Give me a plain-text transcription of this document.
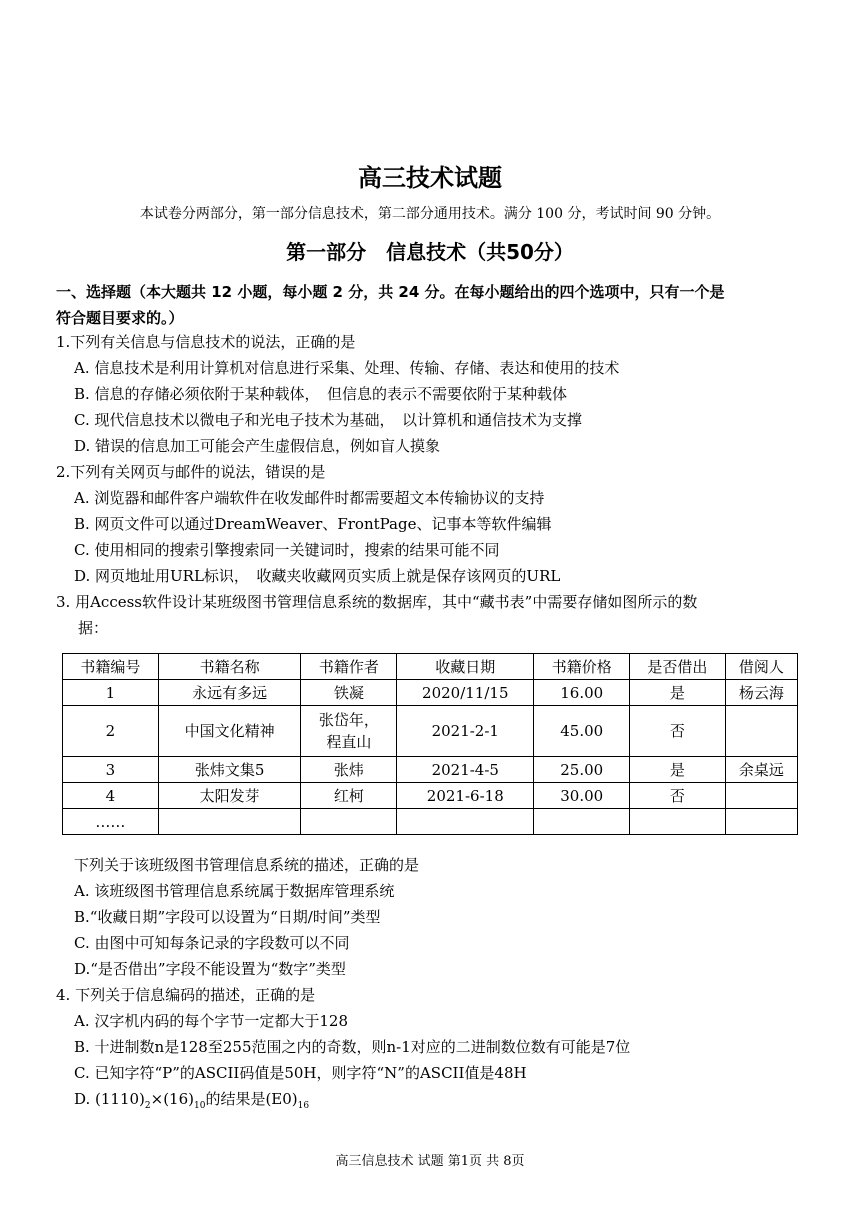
高三技术试题
本试卷分两部分，第一部分信息技术，第二部分通用技术。满分 100 分，考试时间 90 分钟。
第一部分　信息技术（共50分）
一、选择题（本大题共 12 小题，每小题 2 分，共 24 分。在每小题给出的四个选项中，只有一个是
符合题目要求的。）
1.下列有关信息与信息技术的说法，正确的是
A. 信息技术是利用计算机对信息进行采集、处理、传输、存储、表达和使用的技术
B. 信息的存储必须依附于某种载体，　但信息的表示不需要依附于某种载体
C. 现代信息技术以微电子和光电子技术为基础，　以计算机和通信技术为支撑
D. 错误的信息加工可能会产生虚假信息，例如盲人摸象
2.下列有关网页与邮件的说法，错误的是
A. 浏览器和邮件客户端软件在收发邮件时都需要超文本传输协议的支持
B. 网页文件可以通过DreamWeaver、FrontPage、记事本等软件编辑
C. 使用相同的搜索引擎搜索同一关键词时，搜索的结果可能不同
D. 网页地址用URL标识，　收藏夹收藏网页实质上就是保存该网页的URL
3. 用Access软件设计某班级图书管理信息系统的数据库，其中“藏书表”中需要存储如图所示的数
据：
书籍编号	书籍名称	书籍作者	收藏日期	书籍价格	是否借出	借阅人
1	永远有多远	铁凝	2020/11/15	16.00	是	杨云海
2	中国文化精神	张岱年，
程直山	2021-2-1	45.00	否	
3	张炜文集5	张炜	2021-4-5	25.00	是	余桌远
4	太阳发芽	红柯	2021-6-18	30.00	否	
……						
下列关于该班级图书管理信息系统的描述，正确的是
A. 该班级图书管理信息系统属于数据库管理系统
B.“收藏日期”字段可以设置为“日期/时间”类型
C. 由图中可知每条记录的字段数可以不同
D.“是否借出”字段不能设置为“数字”类型
4. 下列关于信息编码的描述，正确的是
A. 汉字机内码的每个字节一定都大于128
B. 十进制数n是128至255范围之内的奇数，则n-1对应的二进制数位数有可能是7位
C. 已知字符“P”的ASCII码值是50H，则字符“N”的ASCII值是48H
D. $(1110)_2\times(16)_{10}$的结果是$(E0)_{16}$
高三信息技术 试题 第1页 共 8页
